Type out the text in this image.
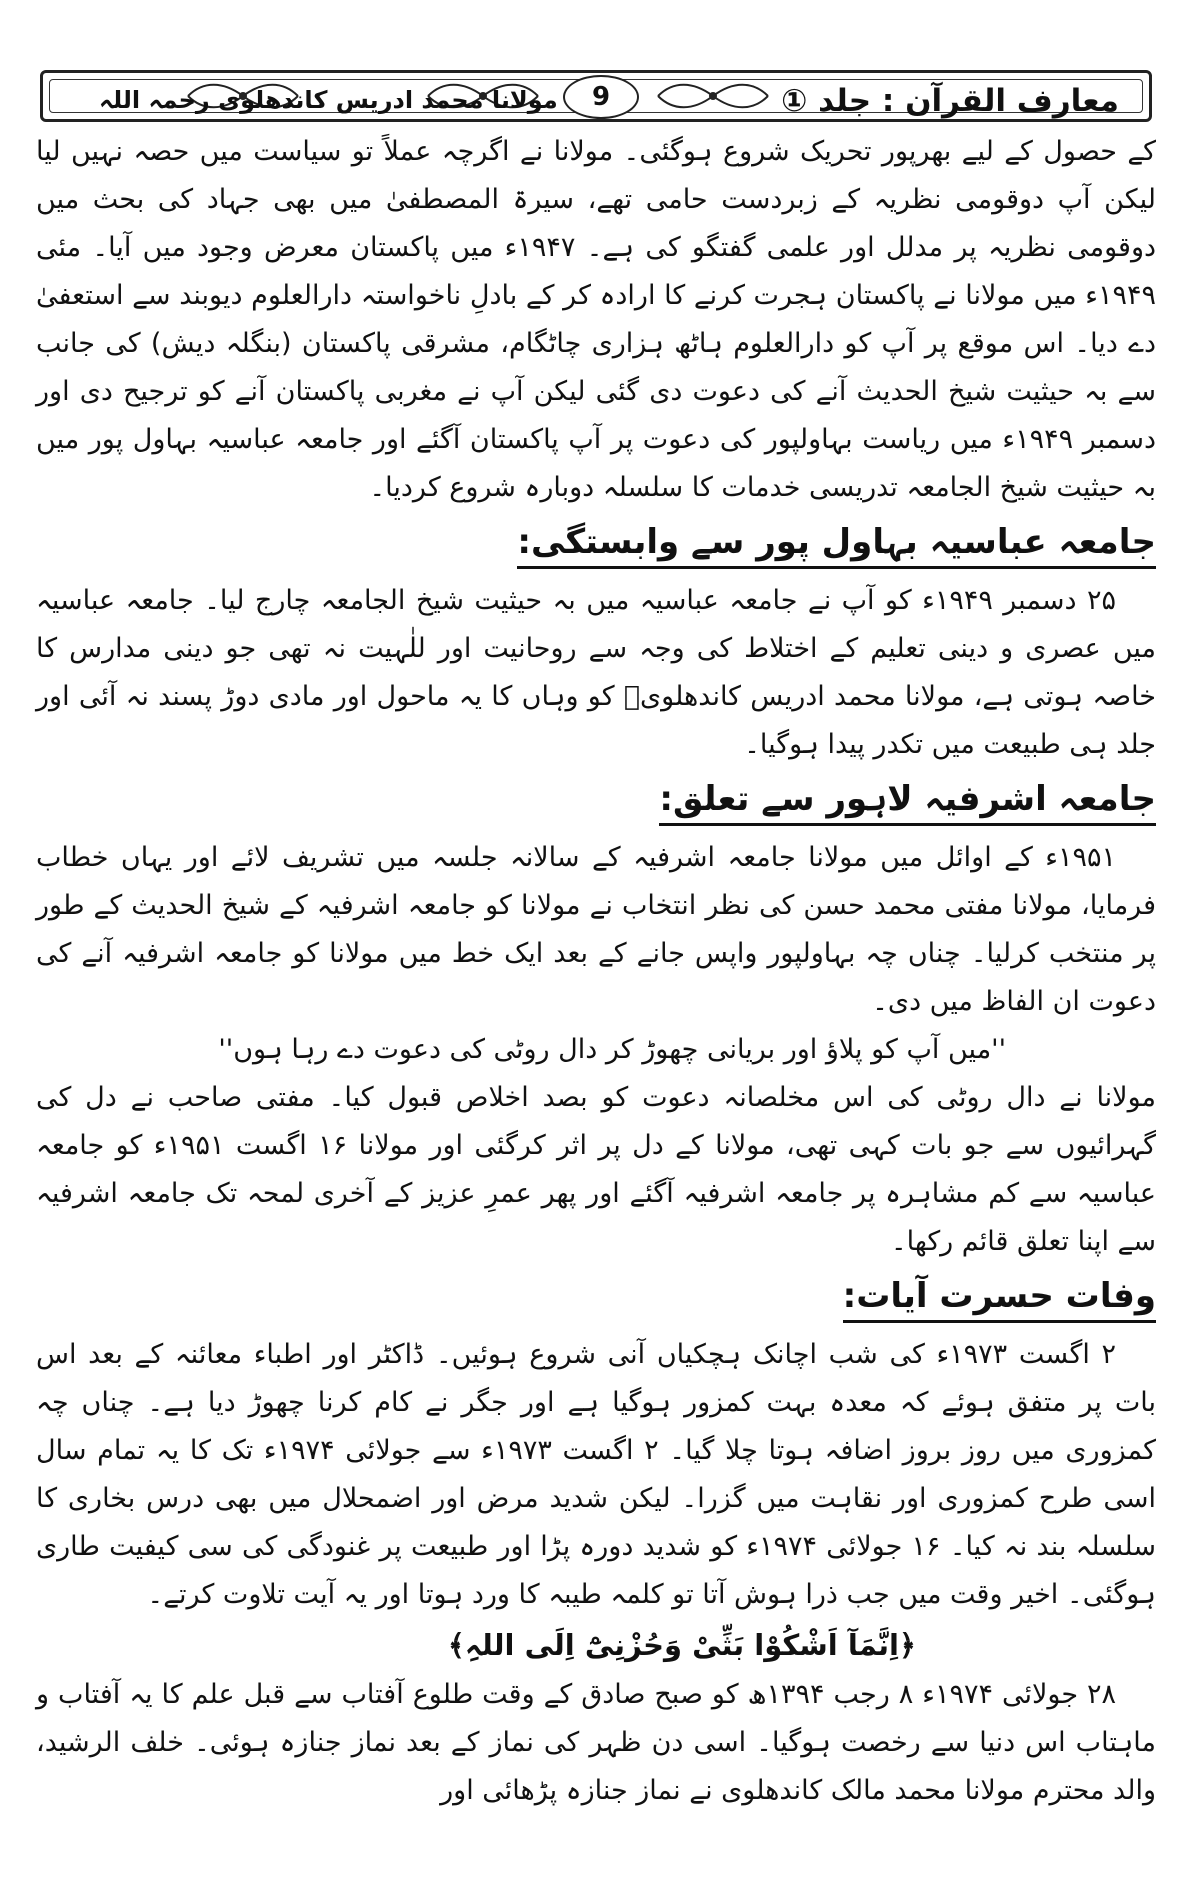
مولانا محمد ادریس کاندھلوی رحمہ اللہ	9	معارف القرآن : جلد ①

کے حصول کے لیے بھرپور تحریک شروع ہوگئی۔ مولانا نے اگرچہ عملاً تو سیاست میں حصہ نہیں لیا لیکن آپ دوقومی نظریہ کے زبردست حامی تھے، سیرۃ المصطفیٰ میں بھی جہاد کی بحث میں دوقومی نظریہ پر مدلل اور علمی گفتگو کی ہے۔ ۱۹۴۷ء میں پاکستان معرض وجود میں آیا۔ مئی ۱۹۴۹ء میں مولانا نے پاکستان ہجرت کرنے کا ارادہ کر کے بادلِ ناخواستہ دارالعلوم دیوبند سے استعفیٰ دے دیا۔ اس موقع پر آپ کو دارالعلوم ہاٹھ ہزاری چاٹگام، مشرقی پاکستان (بنگلہ دیش) کی جانب سے بہ حیثیت شیخ الحدیث آنے کی دعوت دی گئی لیکن آپ نے مغربی پاکستان آنے کو ترجیح دی اور دسمبر ۱۹۴۹ء میں ریاست بہاولپور کی دعوت پر آپ پاکستان آگئے اور جامعہ عباسیہ بہاول پور میں بہ حیثیت شیخ الجامعہ تدریسی خدمات کا سلسلہ دوبارہ شروع کردیا۔

جامعہ عباسیہ بہاول پور سے وابستگی:

۲۵ دسمبر ۱۹۴۹ء کو آپ نے جامعہ عباسیہ میں بہ حیثیت شیخ الجامعہ چارج لیا۔ جامعہ عباسیہ میں عصری و دینی تعلیم کے اختلاط کی وجہ سے روحانیت اور للٰہیت نہ تھی جو دینی مدارس کا خاصہ ہوتی ہے، مولانا محمد ادریس کاندھلویؒ کو وہاں کا یہ ماحول اور مادی دوڑ پسند نہ آئی اور جلد ہی طبیعت میں تکدر پیدا ہوگیا۔

جامعہ اشرفیہ لاہور سے تعلق:

۱۹۵۱ء کے اوائل میں مولانا جامعہ اشرفیہ کے سالانہ جلسہ میں تشریف لائے اور یہاں خطاب فرمایا، مولانا مفتی محمد حسن کی نظر انتخاب نے مولانا کو جامعہ اشرفیہ کے شیخ الحدیث کے طور پر منتخب کرلیا۔ چناں چہ بہاولپور واپس جانے کے بعد ایک خط میں مولانا کو جامعہ اشرفیہ آنے کی دعوت ان الفاظ میں دی۔

''میں آپ کو پلاؤ اور بریانی چھوڑ کر دال روٹی کی دعوت دے رہا ہوں''

مولانا نے دال روٹی کی اس مخلصانہ دعوت کو بصد اخلاص قبول کیا۔ مفتی صاحب نے دل کی گہرائیوں سے جو بات کہی تھی، مولانا کے دل پر اثر کرگئی اور مولانا ۱۶ اگست ۱۹۵۱ء کو جامعہ عباسیہ سے کم مشاہرہ پر جامعہ اشرفیہ آگئے اور پھر عمرِ عزیز کے آخری لمحہ تک جامعہ اشرفیہ سے اپنا تعلق قائم رکھا۔

وفات حسرت آیات:

۲ اگست ۱۹۷۳ء کی شب اچانک ہچکیاں آنی شروع ہوئیں۔ ڈاکٹر اور اطباء معائنہ کے بعد اس بات پر متفق ہوئے کہ معدہ بہت کمزور ہوگیا ہے اور جگر نے کام کرنا چھوڑ دیا ہے۔ چناں چہ کمزوری میں روز بروز اضافہ ہوتا چلا گیا۔ ۲ اگست ۱۹۷۳ء سے جولائی ۱۹۷۴ء تک کا یہ تمام سال اسی طرح کمزوری اور نقاہت میں گزرا۔ لیکن شدید مرض اور اضمحلال میں بھی درس بخاری کا سلسلہ بند نہ کیا۔ ۱۶ جولائی ۱۹۷۴ء کو شدید دورہ پڑا اور طبیعت پر غنودگی کی سی کیفیت طاری ہوگئی۔ اخیر وقت میں جب ذرا ہوش آتا تو کلمہ طیبہ کا ورد ہوتا اور یہ آیت تلاوت کرتے۔

﴿اِنَّمَآ اَشْکُوْا بَثِّیْ وَحُزْنِیْٓ اِلَی اللہِ﴾

۲۸ جولائی ۱۹۷۴ء ۸ رجب ۱۳۹۴ھ کو صبح صادق کے وقت طلوع آفتاب سے قبل علم کا یہ آفتاب و ماہتاب اس دنیا سے رخصت ہوگیا۔ اسی دن ظہر کی نماز کے بعد نماز جنازہ ہوئی۔ خلف الرشید، والد محترم مولانا محمد مالک کاندھلوی نے نماز جنازہ پڑھائی اور
